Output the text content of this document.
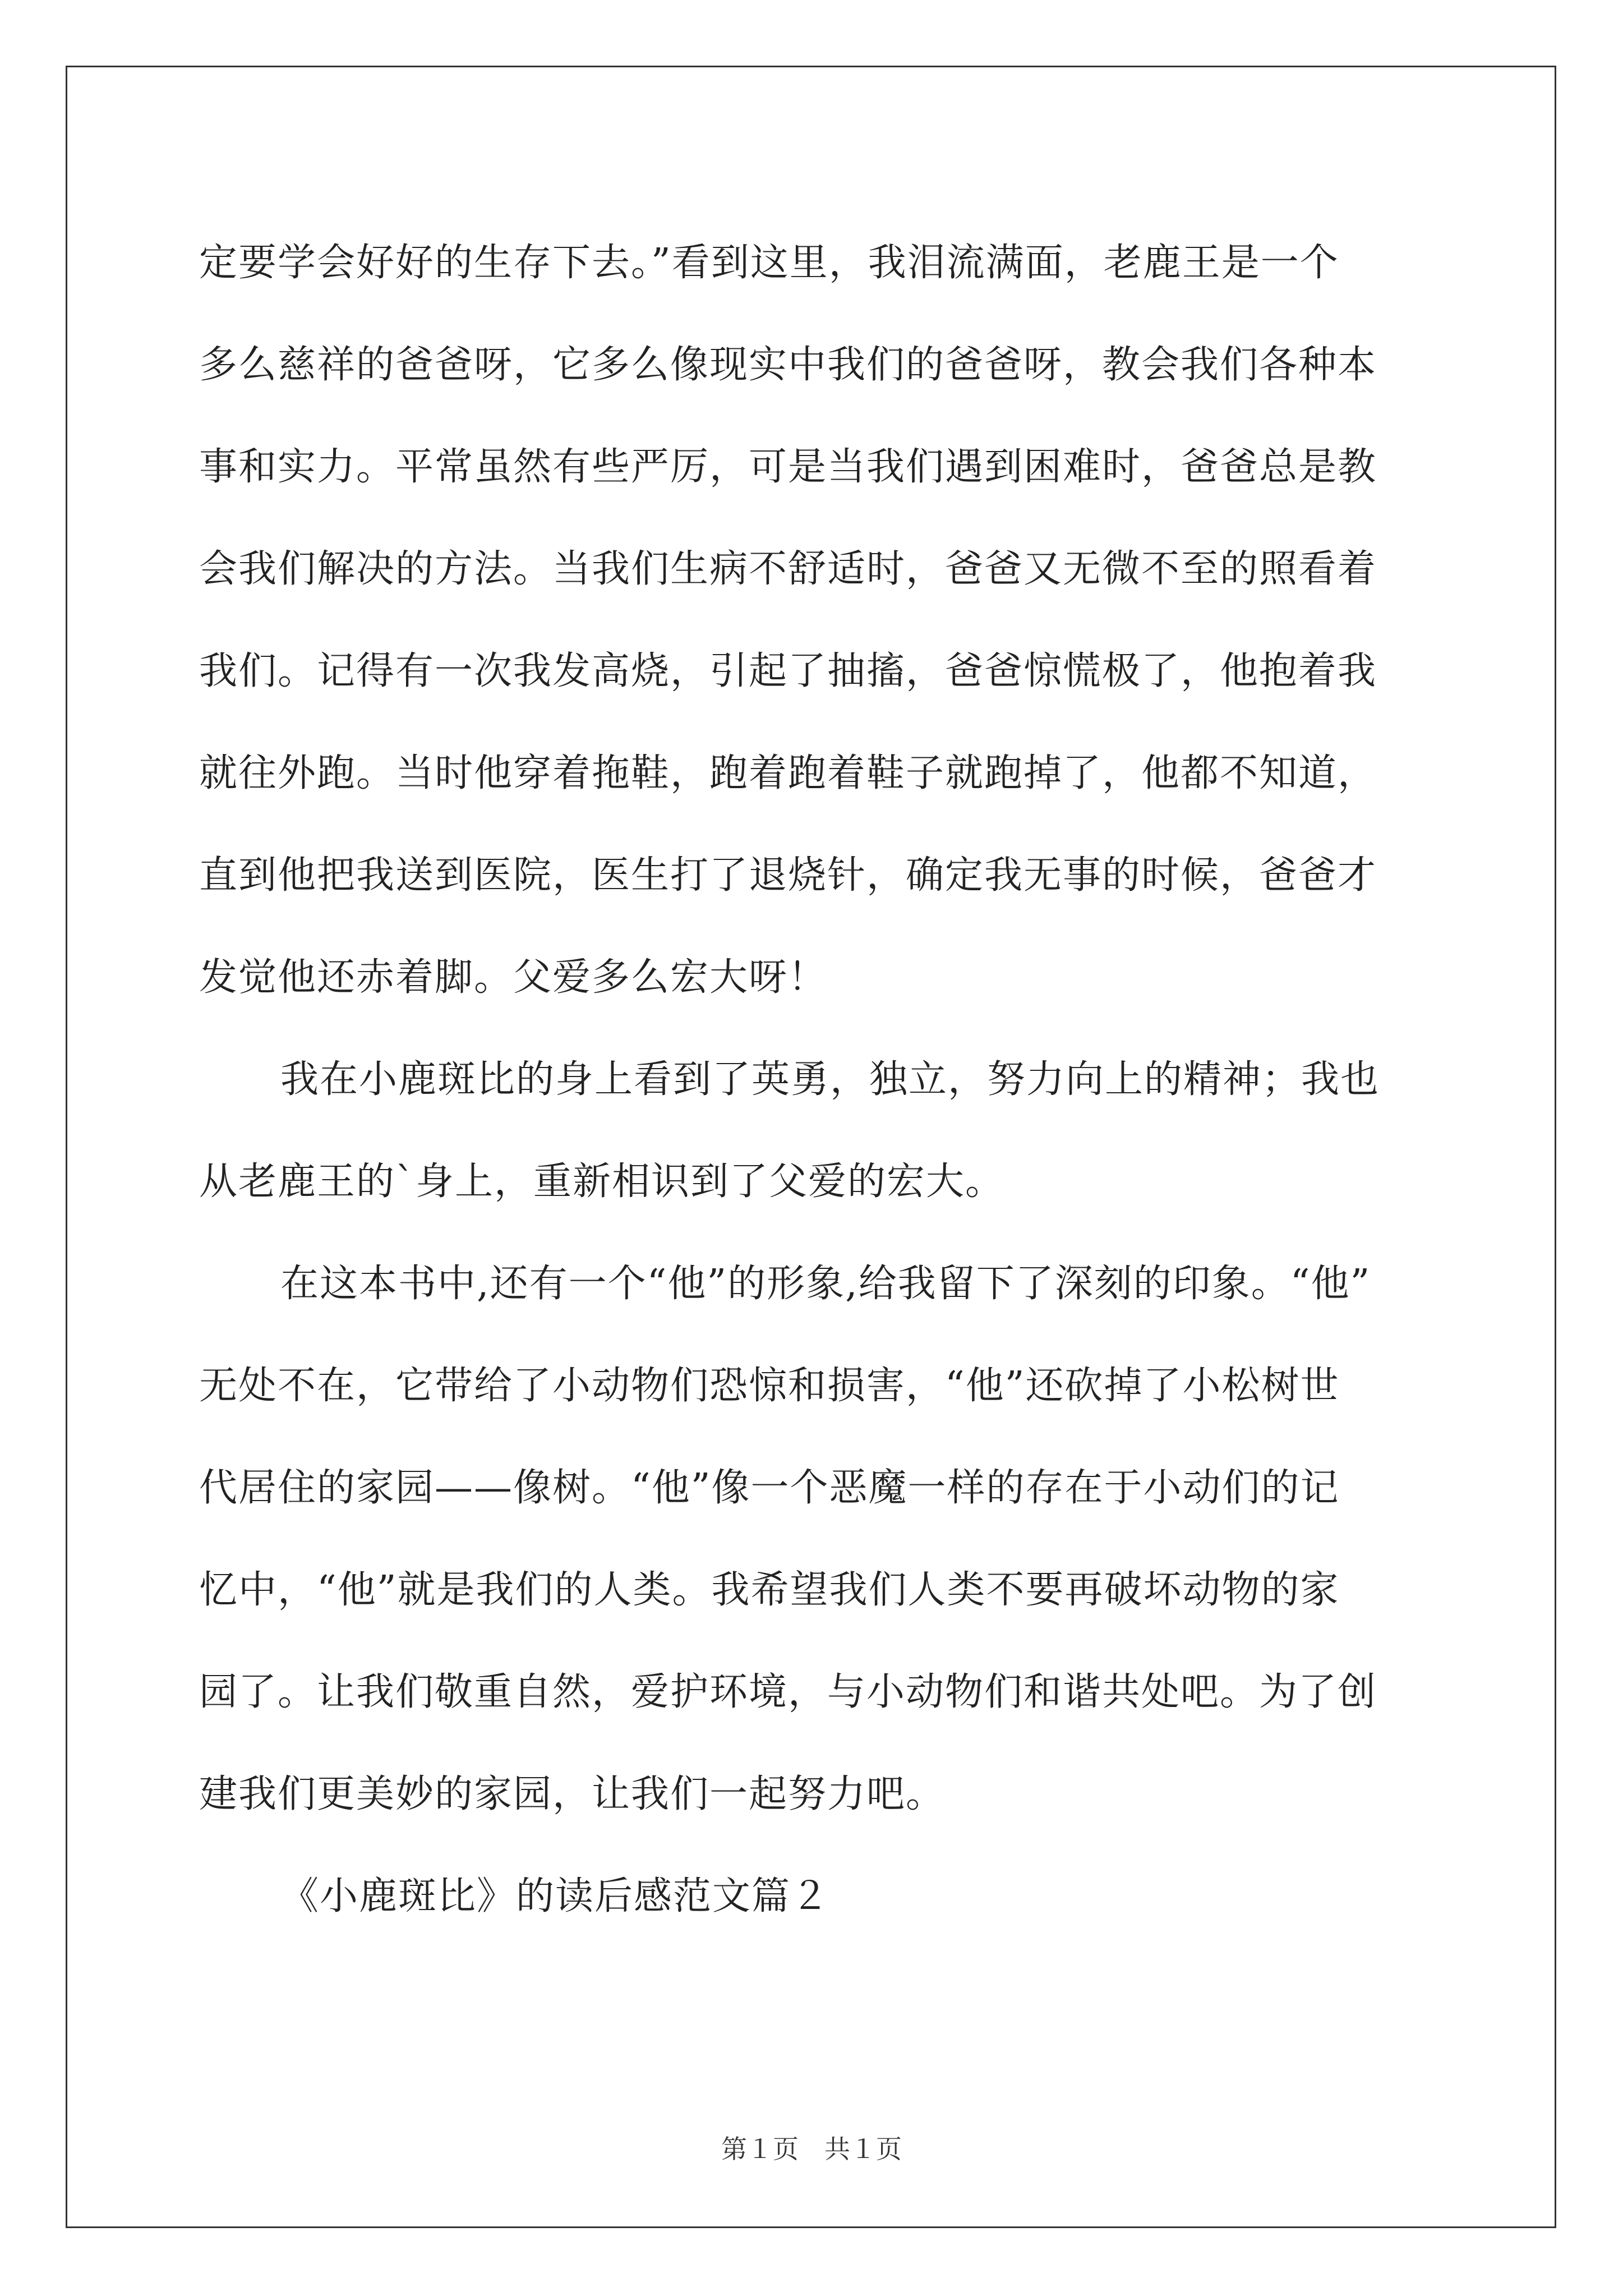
定要学会好好的生存下去。”看到这里，我泪流满面，老鹿王是一个
多么慈祥的爸爸呀，它多么像现实中我们的爸爸呀，教会我们各种本
事和实力。平常虽然有些严厉，可是当我们遇到困难时，爸爸总是教
会我们解决的方法。当我们生病不舒适时，爸爸又无微不至的照看着
我们。记得有一次我发高烧，引起了抽搐，爸爸惊慌极了，他抱着我
就往外跑。当时他穿着拖鞋，跑着跑着鞋子就跑掉了，他都不知道，
直到他把我送到医院，医生打了退烧针，确定我无事的时候，爸爸才
发觉他还赤着脚。父爱多么宏大呀！
我在小鹿斑比的身上看到了英勇，独立，努力向上的精神；我也
从老鹿王的`身上，重新相识到了父爱的宏大。
在这本书中,还有一个“他”的形象,给我留下了深刻的印象。“他”
无处不在，它带给了小动物们恐惊和损害，“他”还砍掉了小松树世
代居住的家园——像树。“他”像一个恶魔一样的存在于小动们的记
忆中，“他”就是我们的人类。我希望我们人类不要再破坏动物的家
园了。让我们敬重自然，爱护环境，与小动物们和谐共处吧。为了创
建我们更美妙的家园，让我们一起努力吧。
《小鹿斑比》的读后感范文篇２
第１页 共１页
